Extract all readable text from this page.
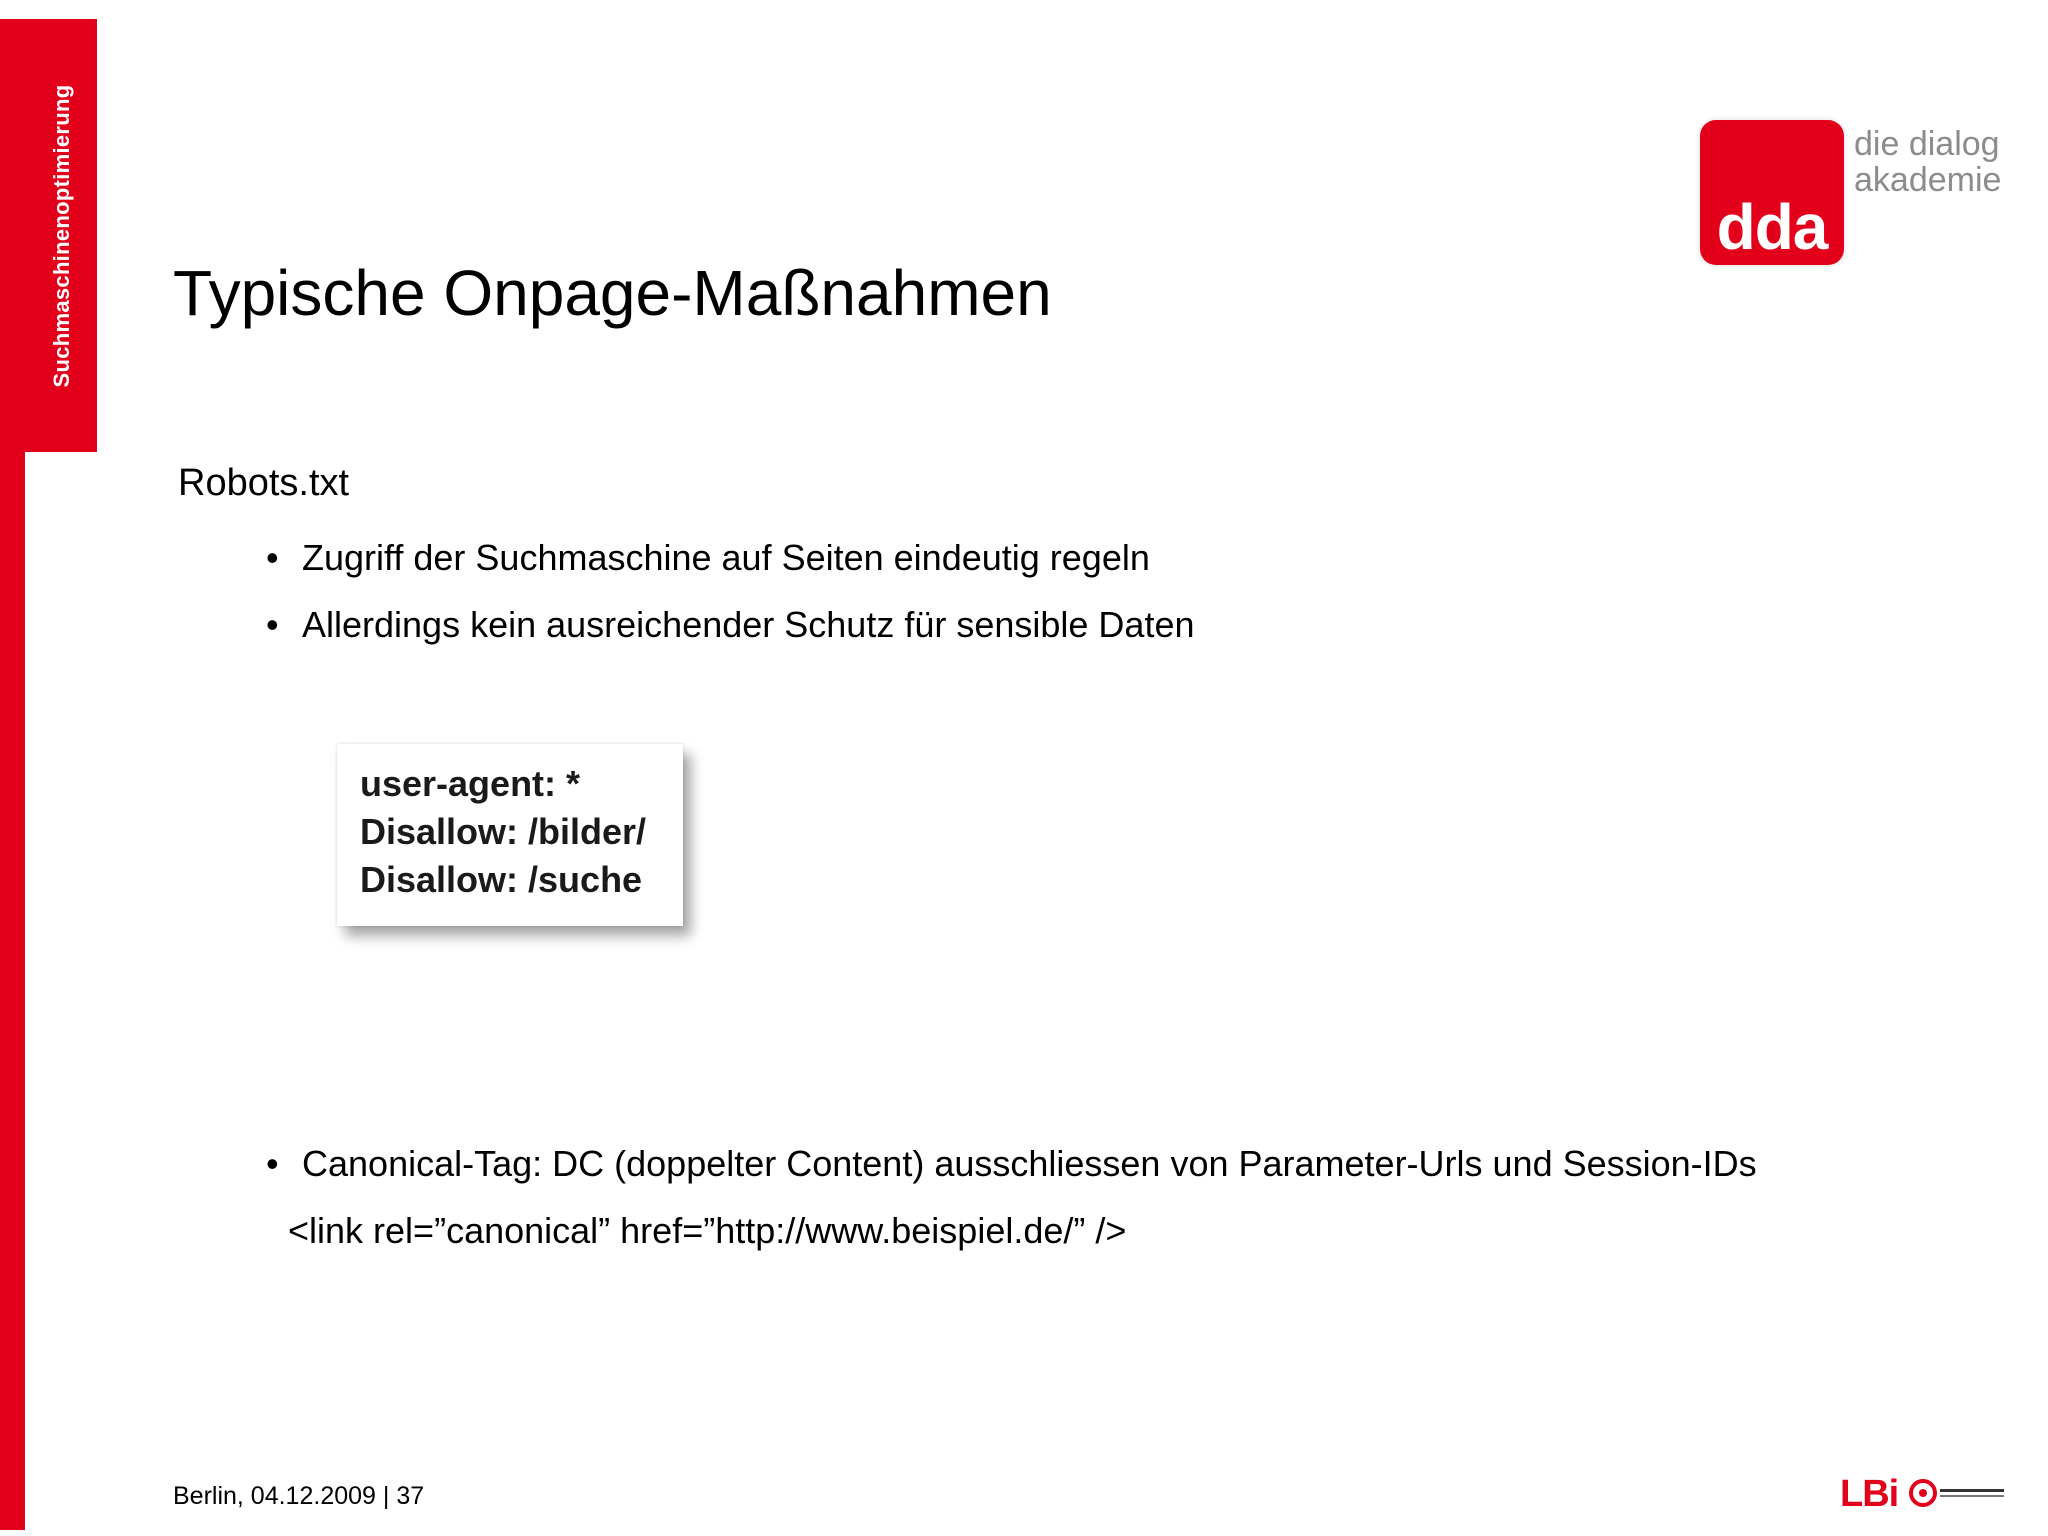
Suchmaschinenoptimierung	dda
die dialog
akademie
Typische Onpage-Maßnahmen
Robots.txt
• Zugriff der Suchmaschine auf Seiten eindeutig regeln
• Allerdings kein ausreichender Schutz für sensible Daten
user-agent: *
Disallow: /bilder/
Disallow: /suche
• Canonical-Tag: DC (doppelter Content) ausschliessen von Parameter-Urls und Session-IDs
<link rel=”canonical” href=”http://www.beispiel.de/” />
Berlin, 04.12.2009 | 37	LBi
